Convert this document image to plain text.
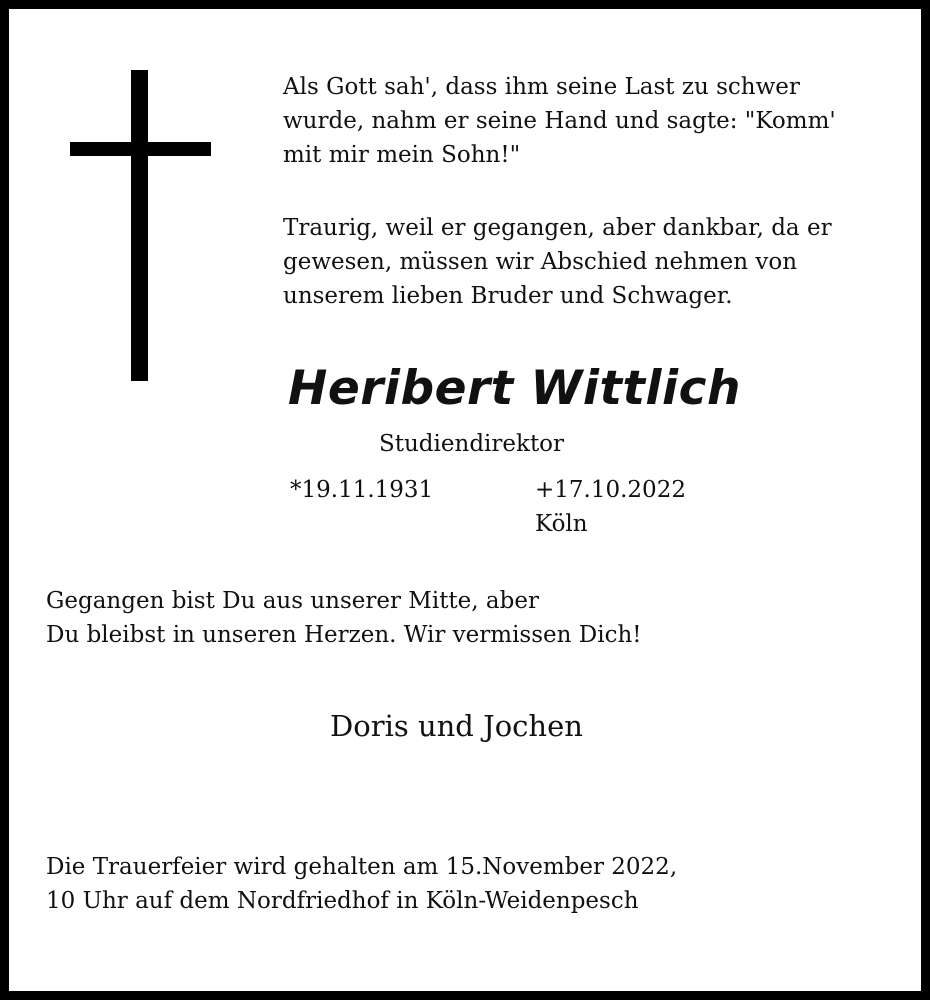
Als Gott sah', dass ihm seine Last zu schwer
wurde, nahm er seine Hand und sagte: "Komm'
mit mir mein Sohn!"
Traurig, weil er gegangen, aber dankbar, da er
gewesen, müssen wir Abschied nehmen von
unserem lieben Bruder und Schwager.
Heribert Wittlich
Studiendirektor
*19.11.1931	+17.10.2022
Köln
Gegangen bist Du aus unserer Mitte, aber
Du bleibst in unseren Herzen. Wir vermissen Dich!
Doris und Jochen
Die Trauerfeier wird gehalten am 15.November 2022,
10 Uhr auf dem Nordfriedhof in Köln-Weidenpesch
